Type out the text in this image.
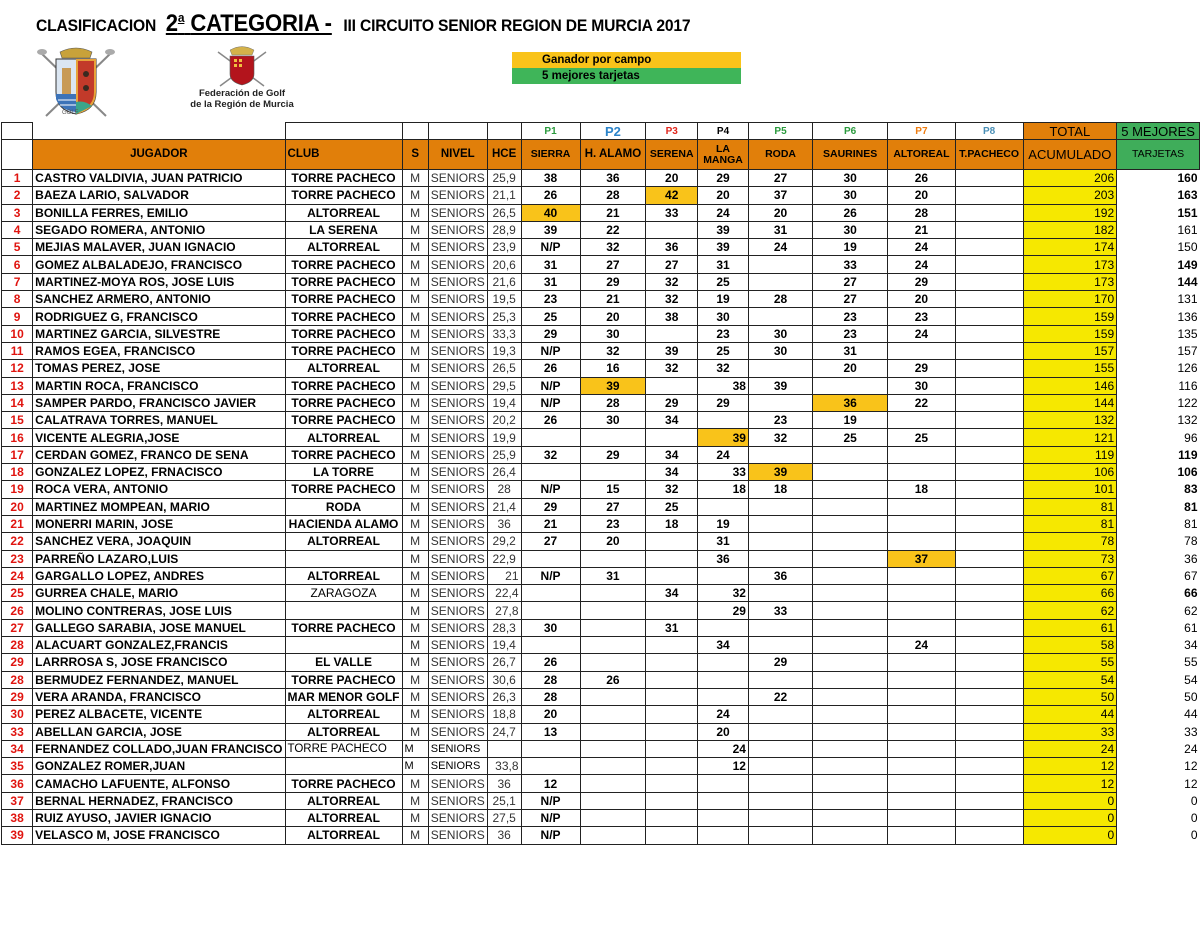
CLASIFICACION 2$^a$ CATEGORIA - III CIRCUITO SENIOR REGION DE MURCIA 2017
GOLF
Federación de Golf
de la Región de Murcia
Ganador por campo
5 mejores tarjetas
						P1	P2	P3	P4	P5	P6	P7	P8	TOTAL	5 MEJORES
	JUGADOR	CLUB	S	NIVEL	HCE	SIERRA	H. ALAMO	SERENA	LA MANGA	RODA	SAURINES	ALTOREAL	T.PACHECO	ACUMULADO	TARJETAS
1	CASTRO VALDIVIA, JUAN PATRICIO	TORRE PACHECO	M	SENIORS	25,9	38	36	20	29	27	30	26		206	160
2	BAEZA LARIO, SALVADOR	TORRE PACHECO	M	SENIORS	21,1	26	28	42	20	37	30	20		203	163
3	BONILLA FERRES, EMILIO	ALTORREAL	M	SENIORS	26,5	40	21	33	24	20	26	28		192	151
4	SEGADO ROMERA, ANTONIO	LA SERENA	M	SENIORS	28,9	39	22		39	31	30	21		182	161
5	MEJIAS MALAVER, JUAN IGNACIO	ALTORREAL	M	SENIORS	23,9	N/P	32	36	39	24	19	24		174	150
6	GOMEZ ALBALADEJO, FRANCISCO	TORRE PACHECO	M	SENIORS	20,6	31	27	27	31		33	24		173	149
7	MARTINEZ-MOYA ROS, JOSE LUIS	TORRE PACHECO	M	SENIORS	21,6	31	29	32	25		27	29		173	144
8	SANCHEZ ARMERO, ANTONIO	TORRE PACHECO	M	SENIORS	19,5	23	21	32	19	28	27	20		170	131
9	RODRIGUEZ G, FRANCISCO	TORRE PACHECO	M	SENIORS	25,3	25	20	38	30		23	23		159	136
10	MARTINEZ GARCIA, SILVESTRE	TORRE PACHECO	M	SENIORS	33,3	29	30		23	30	23	24		159	135
11	RAMOS EGEA, FRANCISCO	TORRE PACHECO	M	SENIORS	19,3	N/P	32	39	25	30	31			157	157
12	TOMAS PEREZ, JOSE	ALTORREAL	M	SENIORS	26,5	26	16	32	32		20	29		155	126
13	MARTIN ROCA, FRANCISCO	TORRE PACHECO	M	SENIORS	29,5	N/P	39		38	39		30		146	116
14	SAMPER PARDO, FRANCISCO JAVIER	TORRE PACHECO	M	SENIORS	19,4	N/P	28	29	29		36	22		144	122
15	CALATRAVA TORRES, MANUEL	TORRE PACHECO	M	SENIORS	20,2	26	30	34		23	19			132	132
16	VICENTE ALEGRIA,JOSE	ALTORREAL	M	SENIORS	19,9				39	32	25	25		121	96
17	CERDAN GOMEZ, FRANCO DE SENA	TORRE PACHECO	M	SENIORS	25,9	32	29	34	24					119	119
18	GONZALEZ LOPEZ, FRNACISCO	LA TORRE	M	SENIORS	26,4			34	33	39				106	106
19	ROCA VERA, ANTONIO	TORRE PACHECO	M	SENIORS	28	N/P	15	32	18	18		18		101	83
20	MARTINEZ MOMPEAN, MARIO	RODA	M	SENIORS	21,4	29	27	25						81	81
21	MONERRI MARIN, JOSE	HACIENDA ALAMO	M	SENIORS	36	21	23	18	19					81	81
22	SANCHEZ VERA, JOAQUIN	ALTORREAL	M	SENIORS	29,2	27	20		31					78	78
23	PARREÑO LAZARO,LUIS		M	SENIORS	22,9				36			37		73	36
24	GARGALLO LOPEZ, ANDRES	ALTORREAL	M	SENIORS	21	N/P	31			36				67	67
25	GURREA CHALE, MARIO	ZARAGOZA	M	SENIORS	22,4			34	32					66	66
26	MOLINO CONTRERAS, JOSE LUIS		M	SENIORS	27,8				29	33				62	62
27	GALLEGO SARABIA, JOSE MANUEL	TORRE PACHECO	M	SENIORS	28,3	30		31						61	61
28	ALACUART GONZALEZ,FRANCIS		M	SENIORS	19,4				34			24		58	34
29	LARRROSA S, JOSE FRANCISCO	EL VALLE	M	SENIORS	26,7	26				29				55	55
28	BERMUDEZ FERNANDEZ, MANUEL	TORRE PACHECO	M	SENIORS	30,6	28	26							54	54
29	VERA ARANDA, FRANCISCO	MAR MENOR GOLF	M	SENIORS	26,3	28				22				50	50
30	PEREZ ALBACETE, VICENTE	ALTORREAL	M	SENIORS	18,8	20			24					44	44
33	ABELLAN GARCIA, JOSE	ALTORREAL	M	SENIORS	24,7	13			20					33	33
34	FERNANDEZ COLLADO,JUAN FRANCISCO	TORRE PACHECO	M	SENIORS					24					24	24
35	GONZALEZ ROMER,JUAN		M	SENIORS	33,8				12					12	12
36	CAMACHO LAFUENTE, ALFONSO	TORRE PACHECO	M	SENIORS	36	12								12	12
37	BERNAL HERNADEZ, FRANCISCO	ALTORREAL	M	SENIORS	25,1	N/P								0	0
38	RUIZ AYUSO, JAVIER IGNACIO	ALTORREAL	M	SENIORS	27,5	N/P								0	0
39	VELASCO M, JOSE FRANCISCO	ALTORREAL	M	SENIORS	36	N/P								0	0
